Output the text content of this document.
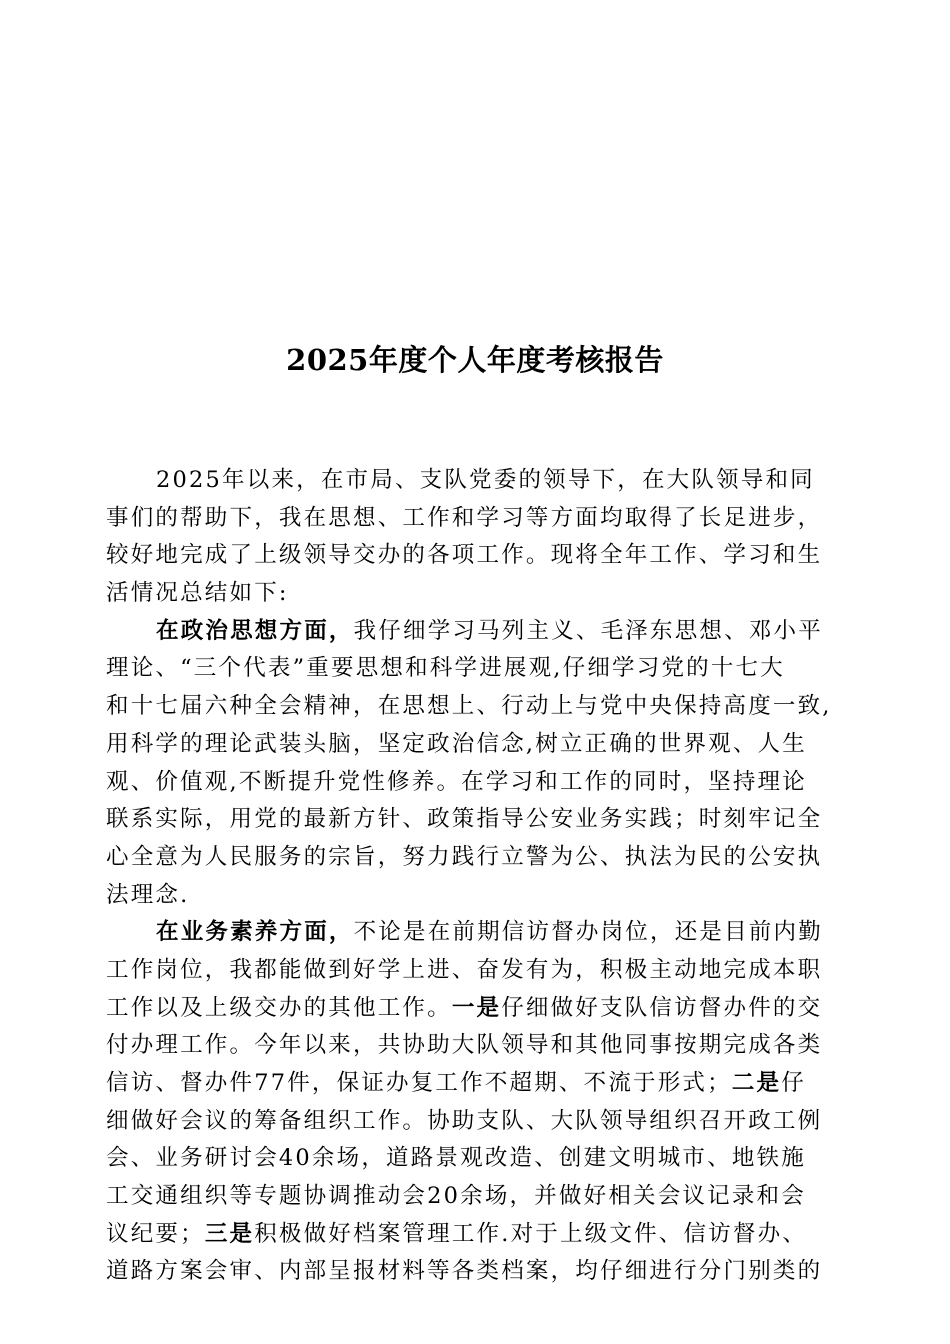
2025年度个人年度考核报告
2025年以来，在市局、支队党委的领导下，在大队领导和同
事们的帮助下，我在思想、工作和学习等方面均取得了长足进步，
较好地完成了上级领导交办的各项工作。现将全年工作、学习和生
活情况总结如下:
在政治思想方面，我仔细学习马列主义、毛泽东思想、邓小平
理论、“三个代表”重要思想和科学进展观,仔细学习党的十七大
和十七届六种全会精神，在思想上、行动上与党中央保持高度一致,
用科学的理论武装头脑，坚定政治信念,树立正确的世界观、人生
观、价值观,不断提升党性修养。在学习和工作的同时，坚持理论
联系实际，用党的最新方针、政策指导公安业务实践；时刻牢记全
心全意为人民服务的宗旨，努力践行立警为公、执法为民的公安执
法理念.
在业务素养方面，不论是在前期信访督办岗位，还是目前内勤
工作岗位，我都能做到好学上进、奋发有为，积极主动地完成本职
工作以及上级交办的其他工作。一是仔细做好支队信访督办件的交
付办理工作。今年以来，共协助大队领导和其他同事按期完成各类
信访、督办件77件，保证办复工作不超期、不流于形式；二是仔
细做好会议的筹备组织工作。协助支队、大队领导组织召开政工例
会、业务研讨会40余场，道路景观改造、创建文明城市、地铁施
工交通组织等专题协调推动会20余场，并做好相关会议记录和会
议纪要；三是积极做好档案管理工作.对于上级文件、信访督办、
道路方案会审、内部呈报材料等各类档案，均仔细进行分门别类的
